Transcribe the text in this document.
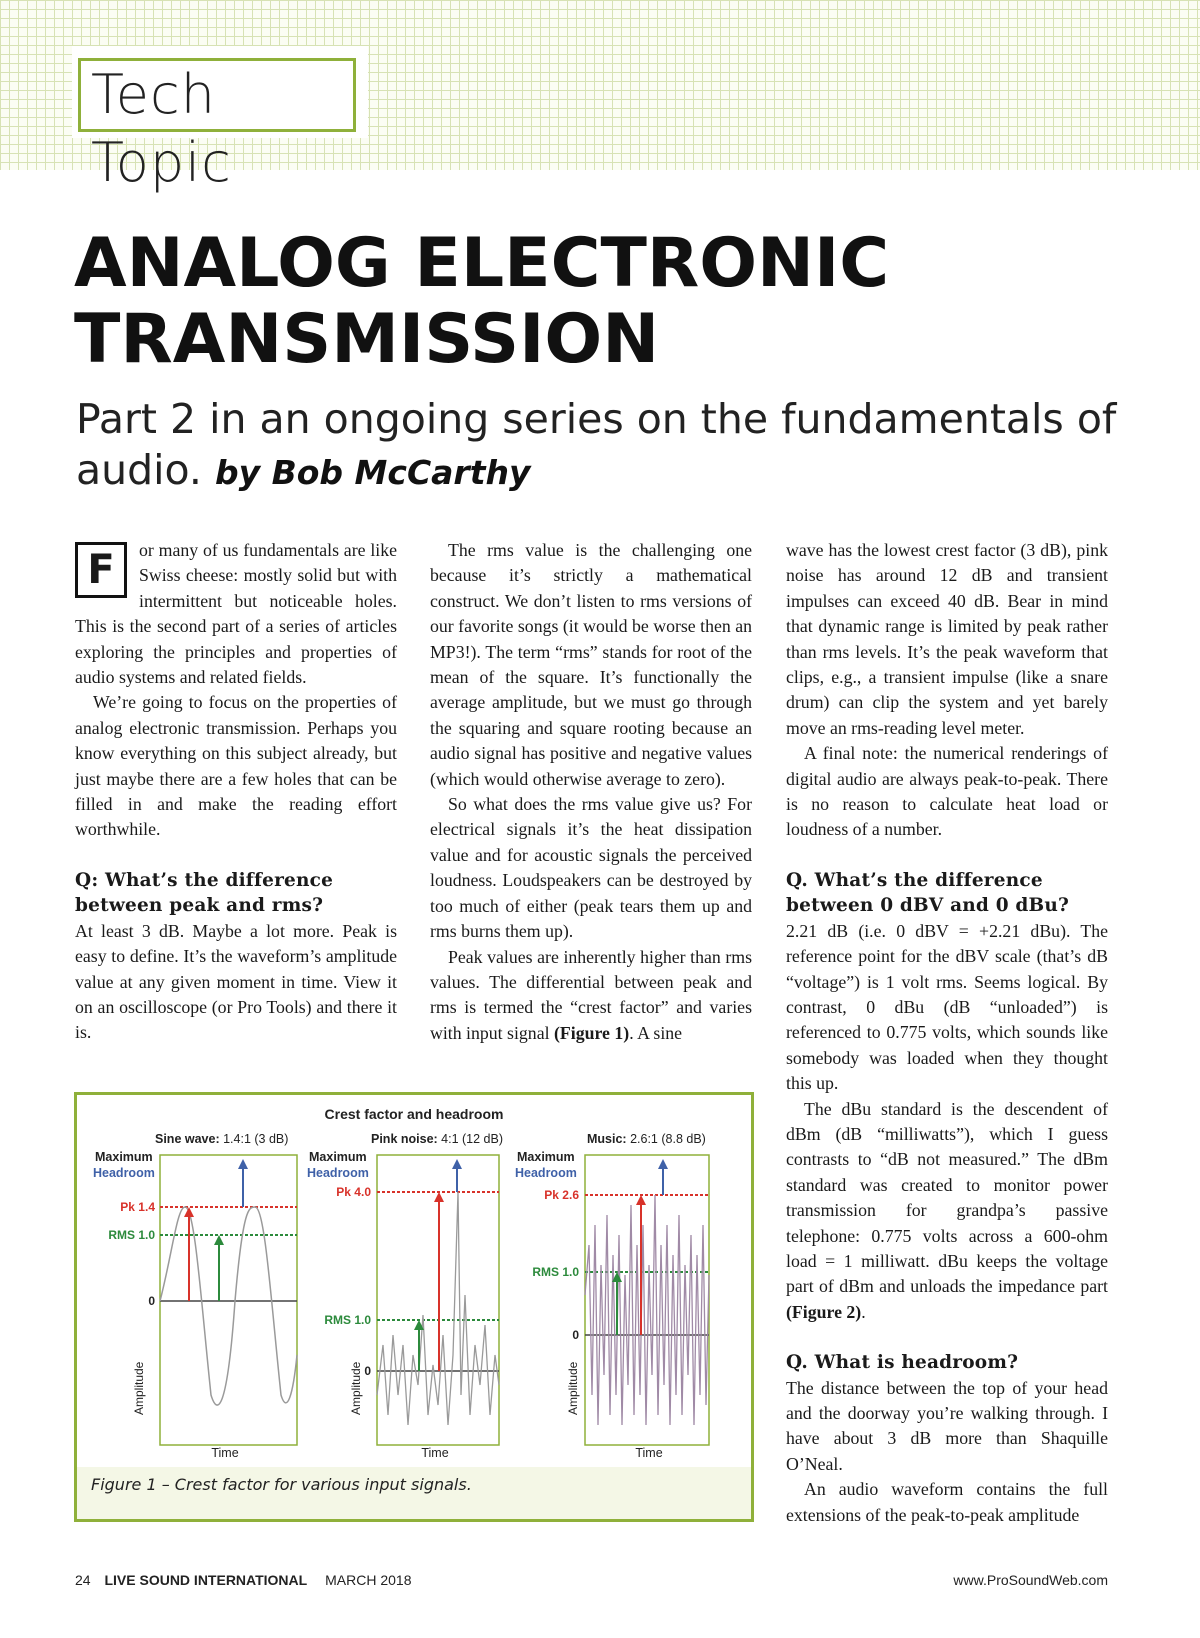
Tech Topic
ANALOG ELECTRONIC
TRANSMISSION
Part 2 in an ongoing series on the fundamentals of audio. by Bob McCarthy

F	or many of us fundamentals are like Swiss cheese: mostly solid but with intermittent but noticeable holes. This is the second part of a series of articles exploring the principles and properties of audio systems and related fields.

We’re going to focus on the properties of analog electronic transmission. Perhaps you know everything on this subject already, but just maybe there are a few holes that can be filled in and make the reading effort worthwhile.

Q: What’s the difference between peak and rms?

At least 3 dB. Maybe a lot more. Peak is easy to define. It’s the waveform’s amplitude value at any given moment in time. View it on an oscilloscope (or Pro Tools) and there it is.

The rms value is the challenging one because it’s strictly a mathematical construct. We don’t listen to rms versions of our favorite songs (it would be worse then an MP3!). The term “rms” stands for root of the mean of the square. It’s functionally the average amplitude, but we must go through the squaring and square rooting because an audio signal has positive and negative values (which would otherwise average to zero).

So what does the rms value give us? For electrical signals it’s the heat dissipation value and for acoustic signals the perceived loudness. Loudspeakers can be destroyed by too much of either (peak tears them up and rms burns them up).

Peak values are inherently higher than rms values. The differential between peak and rms is termed the “crest factor” and varies with input signal (Figure 1). A sine

wave has the lowest crest factor (3 dB), pink noise has around 12 dB and transient impulses can exceed 40 dB. Bear in mind that dynamic range is limited by peak rather than rms levels. It’s the peak waveform that clips, e.g., a transient impulse (like a snare drum) can clip the system and yet barely move an rms-reading level meter.

A final note: the numerical renderings of digital audio are always peak-to-peak. There is no reason to calculate heat load or loudness of a number.

Q. What’s the difference between 0 dBV and 0 dBu?

2.21 dB (i.e. 0 dBV = +2.21 dBu). The reference point for the dBV scale (that’s dB “voltage”) is 1 volt rms. Seems logical. By contrast, 0 dBu (dB “unloaded”) is referenced to 0.775 volts, which sounds like somebody was loaded when they thought this up.

The dBu standard is the descendent of dBm (dB “milliwatts”), which I guess contrasts to “dB not measured.” The dBm standard was created to monitor power transmission for grandpa’s passive telephone: 0.775 volts across a 600-ohm load = 1 milliwatt. dBu keeps the voltage part of dBm and unloads the impedance part (Figure 2).

Q. What is headroom?

The distance between the top of your head and the doorway you’re walking through. I have about 3 dB more than Shaquille O’Neal.

An audio waveform contains the full extensions of the peak-to-peak amplitude

Crest factor and headroom
Sine wave: 1.4:1 (3 dB)
Maximum
Headroom
Pk 1.4
RMS 1.0
0
Amplitude
Time
Pink noise: 4:1 (12 dB)
Maximum
Headroom
Pk 4.0
RMS 1.0
0
Amplitude
Time
Music: 2.6:1 (8.8 dB)
Maximum
Headroom
Pk 2.6
RMS 1.0
0
Amplitude
Time
Figure 1 – Crest factor for various input signals.
24 LIVE SOUND INTERNATIONAL MARCH 2018	www.ProSoundWeb.com
